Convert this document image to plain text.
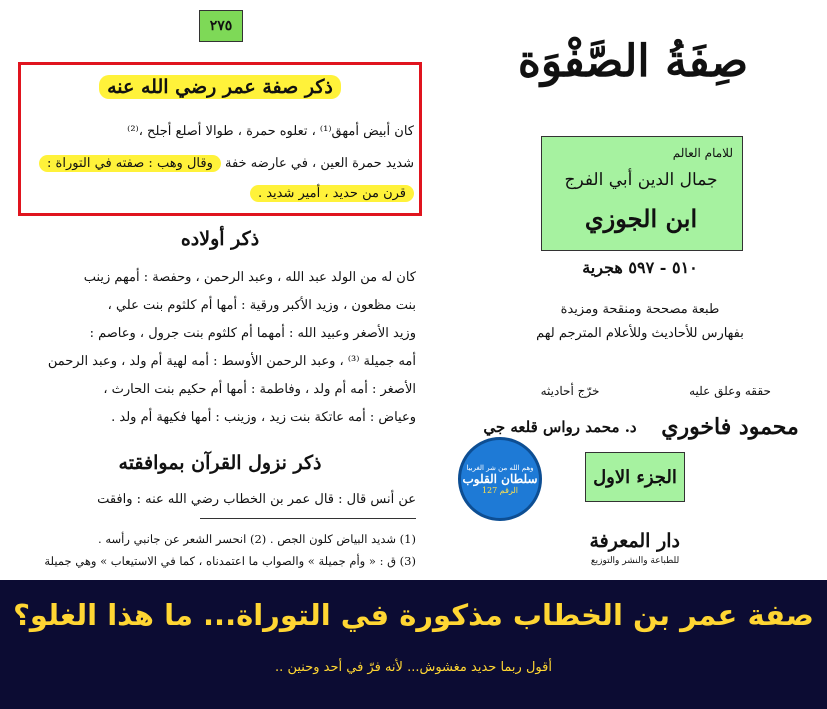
٢٧٥
ذكر صفة عمر رضي الله عنه
كان أبيض أمهق⁽¹⁾ ، تعلوه حمرة ، طوالا أصلع أجلح ،⁽²⁾
شديد حمرة العين ، في عارضه خفة وقال وهب : صفته في التوراة :
قرن من حديد ، أمير شديد .
ذكر أولاده
كان له من الولد عبد الله ، وعبد الرحمن ، وحفصة : أمهم زينب
بنت مظعون ، وزيد الأكبر ورقية : أمها أم كلثوم بنت علي ،
وزيد الأصغر وعبيد الله : أمهما أم كلثوم بنت جرول ، وعاصم :
أمه جميلة ⁽³⁾ ، وعبد الرحمن الأوسط : أمه لهية أم ولد ، وعبد الرحمن
الأصغر : أمه أم ولد ، وفاطمة : أمها أم حكيم بنت الحارث ،
وعياض : أمه عاتكة بنت زيد ، وزينب : أمها فكيهة أم ولد .
ذكر نزول القرآن بموافقته
عن أنس قال : قال عمر بن الخطاب رضي الله عنه : وافقت
(1) شديد البياض كلون الجص . (2) انحسر الشعر عن جانبي رأسه .
(3) ق : « وأم جميلة » والصواب ما اعتمدناه ، كما في الاستيعاب » وهي جميلة
صِفَةُ الصَّفْوَة
للامام العالم
جمال الدين أبي الفرج
ابن الجوزي
٥١٠ - ٥٩٧ هجرية
طبعة مصححة ومنقحة ومزيدة
بفهارس للأحاديث وللأعلام المترجم لهم
حققه وعلق عليه
محمود فاخوري
خرّج أحاديثه
د. محمد رواس قلعه جي
الجزء الاول
دار المعرفة
للطباعة والنشر والتوزيع
وهم الله من شر الغربيا
سلطان القلوب
الرقم 127
صفة عمر بن الخطاب مذكورة في التوراة... ما هذا الغلو؟
أقول ربما حديد مغشوش... لأنه فرّ في أحد وحنين ..
